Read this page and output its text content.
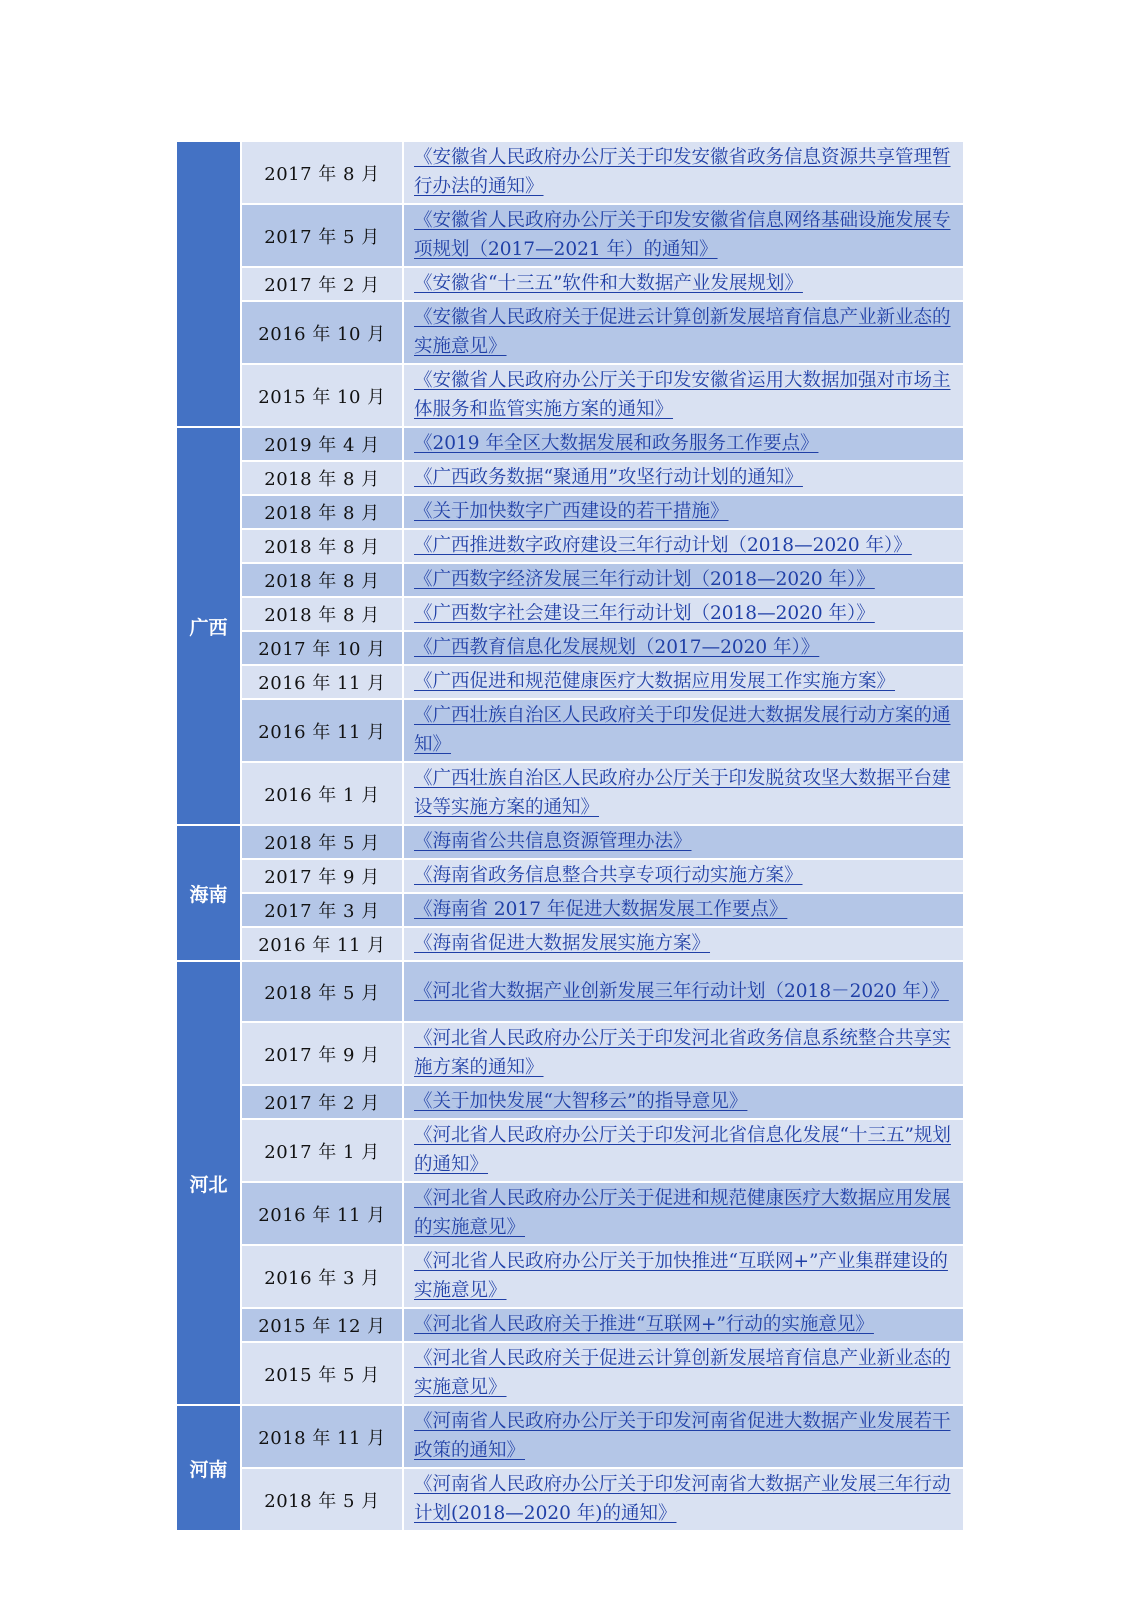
	2017 年 8 月	《安徽省人民政府办公厅关于印发安徽省政务信息资源共享管理暂行办法的通知》
	2017 年 5 月	《安徽省人民政府办公厅关于印发安徽省信息网络基础设施发展专项规划（2017—2021 年）的通知》
	2017 年 2 月	《安徽省“十三五”软件和大数据产业发展规划》
	2016 年 10 月	《安徽省人民政府关于促进云计算创新发展培育信息产业新业态的实施意见》
	2015 年 10 月	《安徽省人民政府办公厅关于印发安徽省运用大数据加强对市场主体服务和监管实施方案的通知》
广西	2019 年 4 月	《2019 年全区大数据发展和政务服务工作要点》
	2018 年 8 月	《广西政务数据“聚通用”攻坚行动计划的通知》
	2018 年 8 月	《关于加快数字广西建设的若干措施》
	2018 年 8 月	《广西推进数字政府建设三年行动计划（2018—2020 年）》
	2018 年 8 月	《广西数字经济发展三年行动计划（2018—2020 年）》
	2018 年 8 月	《广西数字社会建设三年行动计划（2018—2020 年）》
	2017 年 10 月	《广西教育信息化发展规划（2017—2020 年）》
	2016 年 11 月	《广西促进和规范健康医疗大数据应用发展工作实施方案》
	2016 年 11 月	《广西壮族自治区人民政府关于印发促进大数据发展行动方案的通知》
	2016 年 1 月	《广西壮族自治区人民政府办公厅关于印发脱贫攻坚大数据平台建设等实施方案的通知》
海南	2018 年 5 月	《海南省公共信息资源管理办法》
	2017 年 9 月	《海南省政务信息整合共享专项行动实施方案》
	2017 年 3 月	《海南省 2017 年促进大数据发展工作要点》
	2016 年 11 月	《海南省促进大数据发展实施方案》
河北	2018 年 5 月	《河北省大数据产业创新发展三年行动计划（2018－2020 年）》
	2017 年 9 月	《河北省人民政府办公厅关于印发河北省政务信息系统整合共享实施方案的通知》
	2017 年 2 月	《关于加快发展“大智移云”的指导意见》
	2017 年 1 月	《河北省人民政府办公厅关于印发河北省信息化发展“十三五”规划的通知》
	2016 年 11 月	《河北省人民政府办公厅关于促进和规范健康医疗大数据应用发展的实施意见》
	2016 年 3 月	《河北省人民政府办公厅关于加快推进“互联网+”产业集群建设的实施意见》
	2015 年 12 月	《河北省人民政府关于推进“互联网+”行动的实施意见》
	2015 年 5 月	《河北省人民政府关于促进云计算创新发展培育信息产业新业态的实施意见》
河南	2018 年 11 月	《河南省人民政府办公厅关于印发河南省促进大数据产业发展若干政策的通知》
	2018 年 5 月	《河南省人民政府办公厅关于印发河南省大数据产业发展三年行动计划(2018—2020 年)的通知》
